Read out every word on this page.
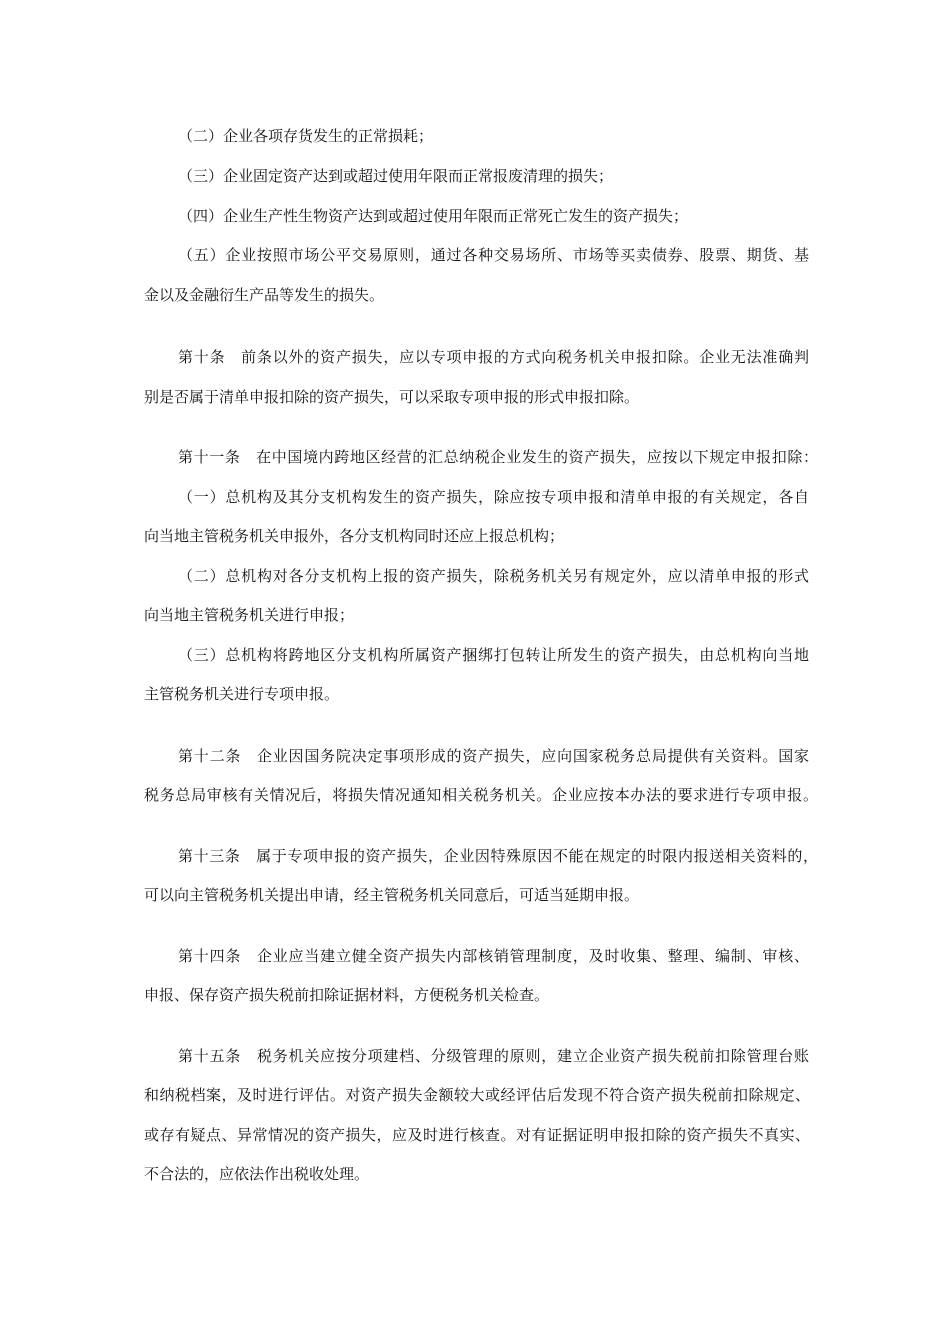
（二）企业各项存货发生的正常损耗；
（三）企业固定资产达到或超过使用年限而正常报废清理的损失；
（四）企业生产性生物资产达到或超过使用年限而正常死亡发生的资产损失；
（五）企业按照市场公平交易原则，通过各种交易场所、市场等买卖债券、股票、期货、基
金以及金融衍生产品等发生的损失。
第十条　前条以外的资产损失，应以专项申报的方式向税务机关申报扣除。企业无法准确判
别是否属于清单申报扣除的资产损失，可以采取专项申报的形式申报扣除。
第十一条　在中国境内跨地区经营的汇总纳税企业发生的资产损失，应按以下规定申报扣除：
（一）总机构及其分支机构发生的资产损失，除应按专项申报和清单申报的有关规定，各自
向当地主管税务机关申报外，各分支机构同时还应上报总机构；
（二）总机构对各分支机构上报的资产损失，除税务机关另有规定外，应以清单申报的形式
向当地主管税务机关进行申报；
（三）总机构将跨地区分支机构所属资产捆绑打包转让所发生的资产损失，由总机构向当地
主管税务机关进行专项申报。
第十二条　企业因国务院决定事项形成的资产损失，应向国家税务总局提供有关资料。国家
税务总局审核有关情况后，将损失情况通知相关税务机关。企业应按本办法的要求进行专项申报。
第十三条　属于专项申报的资产损失，企业因特殊原因不能在规定的时限内报送相关资料的，
可以向主管税务机关提出申请，经主管税务机关同意后，可适当延期申报。
第十四条　企业应当建立健全资产损失内部核销管理制度，及时收集、整理、编制、审核、
申报、保存资产损失税前扣除证据材料，方便税务机关检查。
第十五条　税务机关应按分项建档、分级管理的原则，建立企业资产损失税前扣除管理台账
和纳税档案，及时进行评估。对资产损失金额较大或经评估后发现不符合资产损失税前扣除规定、
或存有疑点、异常情况的资产损失，应及时进行核查。对有证据证明申报扣除的资产损失不真实、
不合法的，应依法作出税收处理。
